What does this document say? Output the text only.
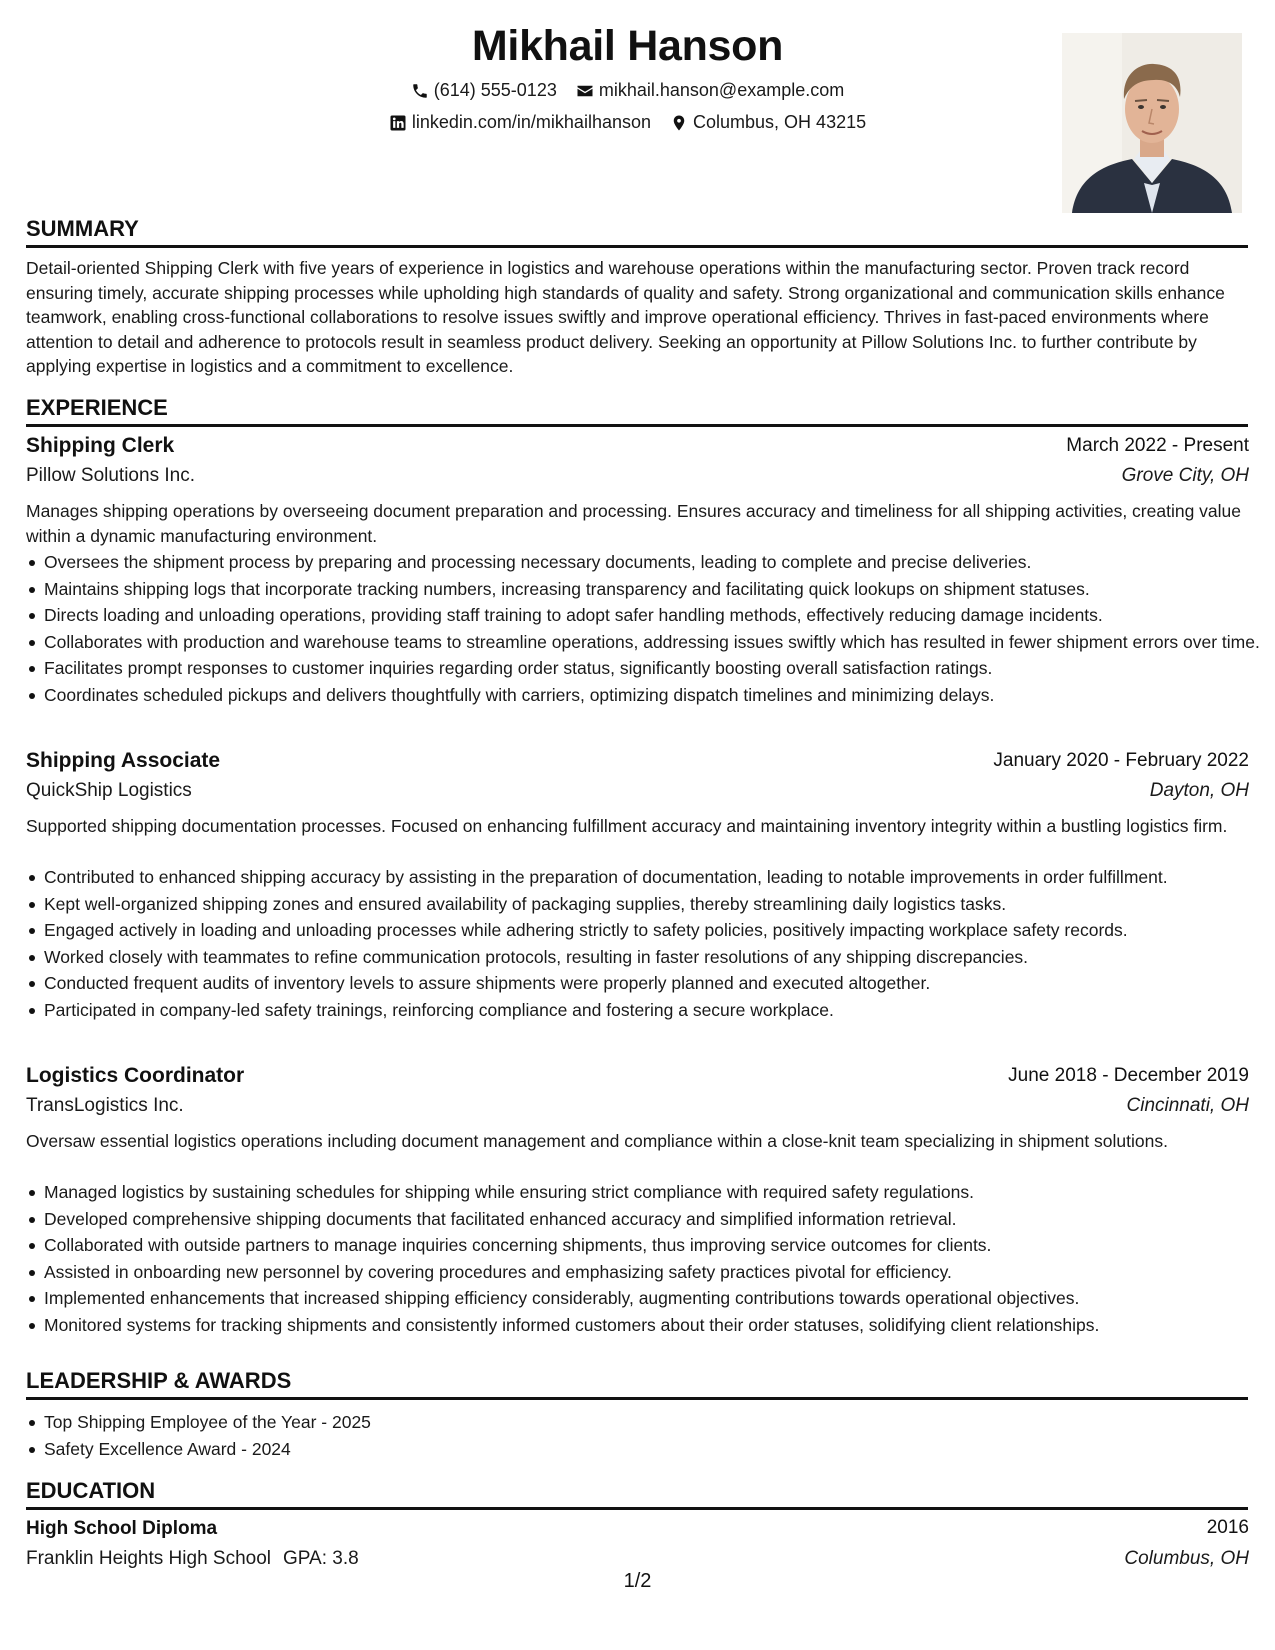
Mikhail Hanson
(614) 555-0123
mikhail.hanson@example.com
linkedin.com/in/mikhailhanson
Columbus, OH 43215
SUMMARY
Detail-oriented Shipping Clerk with five years of experience in logistics and warehouse operations within the manufacturing sector. Proven track record ensuring timely, accurate shipping processes while upholding high standards of quality and safety. Strong organizational and communication skills enhance teamwork, enabling cross-functional collaborations to resolve issues swiftly and improve operational efficiency. Thrives in fast-paced environments where attention to detail and adherence to protocols result in seamless product delivery. Seeking an opportunity at Pillow Solutions Inc. to further contribute by applying expertise in logistics and a commitment to excellence.
EXPERIENCE
Shipping Clerk	March 2022 - Present
Pillow Solutions Inc.	Grove City, OH
Manages shipping operations by overseeing document preparation and processing. Ensures accuracy and timeliness for all shipping activities, creating value within a dynamic manufacturing environment.
Oversees the shipment process by preparing and processing necessary documents, leading to complete and precise deliveries.
Maintains shipping logs that incorporate tracking numbers, increasing transparency and facilitating quick lookups on shipment statuses.
Directs loading and unloading operations, providing staff training to adopt safer handling methods, effectively reducing damage incidents.
Collaborates with production and warehouse teams to streamline operations, addressing issues swiftly which has resulted in fewer shipment errors over time.
Facilitates prompt responses to customer inquiries regarding order status, significantly boosting overall satisfaction ratings.
Coordinates scheduled pickups and delivers thoughtfully with carriers, optimizing dispatch timelines and minimizing delays.
Shipping Associate	January 2020 - February 2022
QuickShip Logistics	Dayton, OH
Supported shipping documentation processes. Focused on enhancing fulfillment accuracy and maintaining inventory integrity within a bustling logistics firm.
Contributed to enhanced shipping accuracy by assisting in the preparation of documentation, leading to notable improvements in order fulfillment.
Kept well-organized shipping zones and ensured availability of packaging supplies, thereby streamlining daily logistics tasks.
Engaged actively in loading and unloading processes while adhering strictly to safety policies, positively impacting workplace safety records.
Worked closely with teammates to refine communication protocols, resulting in faster resolutions of any shipping discrepancies.
Conducted frequent audits of inventory levels to assure shipments were properly planned and executed altogether.
Participated in company-led safety trainings, reinforcing compliance and fostering a secure workplace.
Logistics Coordinator	June 2018 - December 2019
TransLogistics Inc.	Cincinnati, OH
Oversaw essential logistics operations including document management and compliance within a close-knit team specializing in shipment solutions.
Managed logistics by sustaining schedules for shipping while ensuring strict compliance with required safety regulations.
Developed comprehensive shipping documents that facilitated enhanced accuracy and simplified information retrieval.
Collaborated with outside partners to manage inquiries concerning shipments, thus improving service outcomes for clients.
Assisted in onboarding new personnel by covering procedures and emphasizing safety practices pivotal for efficiency.
Implemented enhancements that increased shipping efficiency considerably, augmenting contributions towards operational objectives.
Monitored systems for tracking shipments and consistently informed customers about their order statuses, solidifying client relationships.
LEADERSHIP & AWARDS
Top Shipping Employee of the Year - 2025
Safety Excellence Award - 2024
EDUCATION
High School Diploma	2016
Franklin Heights High School GPA: 3.8	Columbus, OH
1/2
